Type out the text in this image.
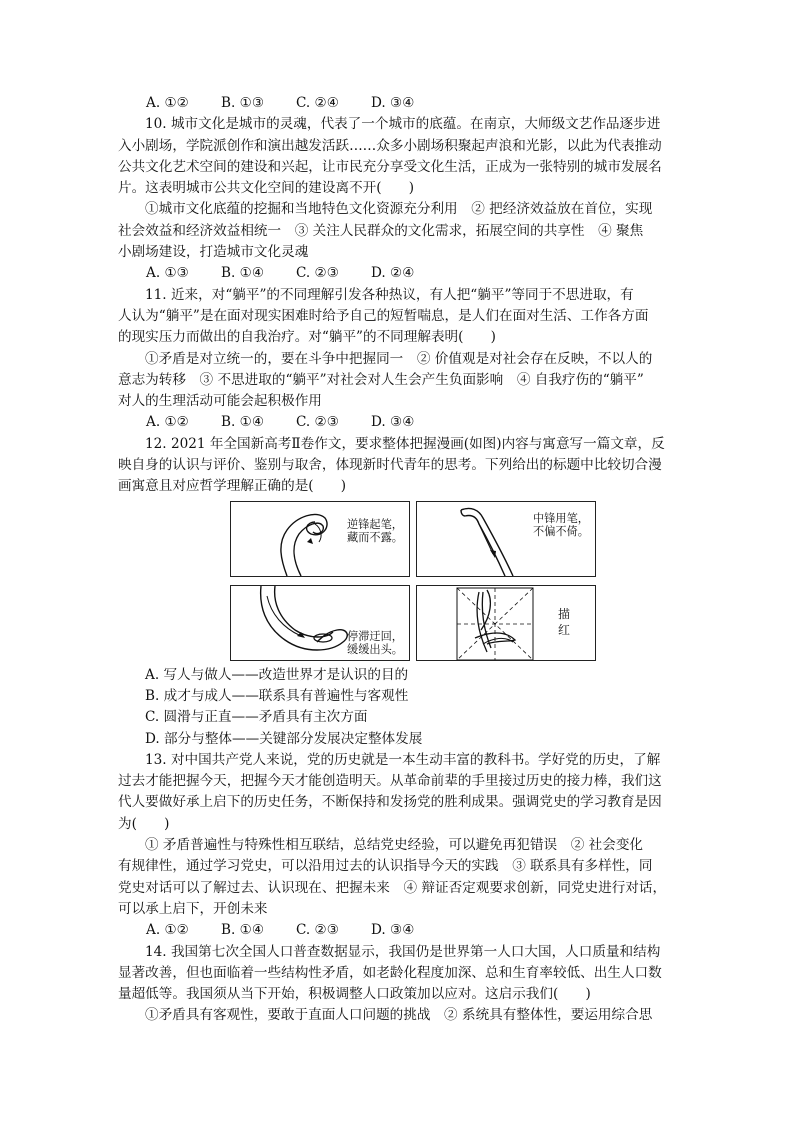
A. ①②	B. ①③	C. ②④	D. ③④
10. 城市文化是城市的灵魂，代表了一个城市的底蕴。在南京，大师级文艺作品逐步进
入小剧场，学院派创作和演出越发活跃……众多小剧场积聚起声浪和光影，以此为代表推动
公共文化艺术空间的建设和兴起，让市民充分享受文化生活，正成为一张特别的城市发展名
片。这表明城市公共文化空间的建设离不开(　　)
①城市文化底蕴的挖掘和当地特色文化资源充分利用　② 把经济效益放在首位，实现
社会效益和经济效益相统一　③ 关注人民群众的文化需求，拓展空间的共享性　④ 聚焦
小剧场建设，打造城市文化灵魂
A. ①③	B. ①④	C. ②③	D. ②④
11. 近来，对“躺平”的不同理解引发各种热议，有人把“躺平”等同于不思进取，有
人认为“躺平”是在面对现实困难时给予自己的短暂喘息，是人们在面对生活、工作各方面
的现实压力而做出的自我治疗。对“躺平”的不同理解表明(　　)
①矛盾是对立统一的，要在斗争中把握同一　② 价值观是对社会存在反映，不以人的
意志为转移　③ 不思进取的“躺平”对社会对人生会产生负面影响　④ 自我疗伤的“躺平”
对人的生理活动可能会起积极作用
A. ①②	B. ①④	C. ②③	D. ③④
12. 2021 年全国新高考Ⅱ卷作文，要求整体把握漫画(如图)内容与寓意写一篇文章，反
映自身的认识与评价、鉴别与取舍，体现新时代青年的思考。下列给出的标题中比较切合漫
画寓意且对应哲学理解正确的是(　　)
逆锋起笔，
藏而不露。
中锋用笔，
不偏不倚。
停滞迂回，
缓缓出头。
描
红
A. 写人与做人——改造世界才是认识的目的
B. 成才与成人——联系具有普遍性与客观性
C. 圆滑与正直——矛盾具有主次方面
D. 部分与整体——关键部分发展决定整体发展
13. 对中国共产党人来说，党的历史就是一本生动丰富的教科书。学好党的历史，了解
过去才能把握今天，把握今天才能创造明天。从革命前辈的手里接过历史的接力棒，我们这
代人要做好承上启下的历史任务，不断保持和发扬党的胜利成果。强调党史的学习教育是因
为(　　)
① 矛盾普遍性与特殊性相互联结，总结党史经验，可以避免再犯错误　② 社会变化
有规律性，通过学习党史，可以沿用过去的认识指导今天的实践　③ 联系具有多样性，同
党史对话可以了解过去、认识现在、把握未来　④ 辩证否定观要求创新，同党史进行对话，
可以承上启下，开创未来
A. ①②	B. ①④	C. ②③	D. ③④
14. 我国第七次全国人口普查数据显示，我国仍是世界第一人口大国，人口质量和结构
显著改善，但也面临着一些结构性矛盾，如老龄化程度加深、总和生育率较低、出生人口数
量超低等。我国须从当下开始，积极调整人口政策加以应对。这启示我们(　　)
①矛盾具有客观性，要敢于直面人口问题的挑战　② 系统具有整体性，要运用综合思
